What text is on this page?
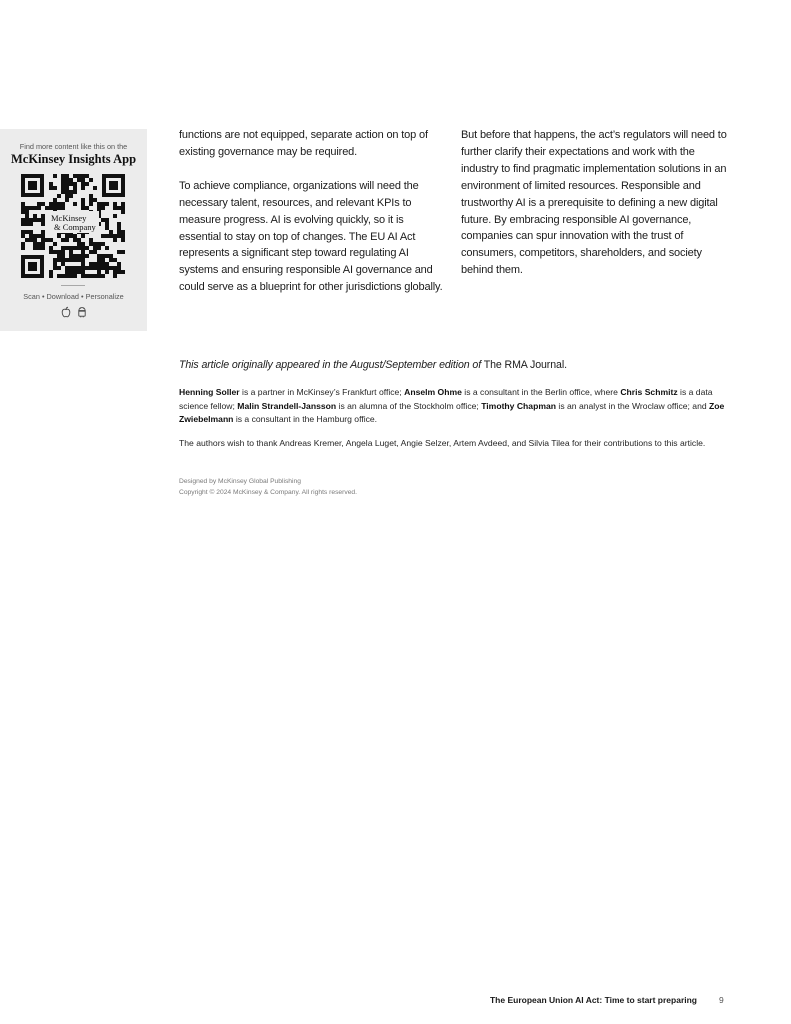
Find more content like this on the
McKinsey Insights App
McKinsey
& Company
Scan • Download • Personalize

functions are not equipped, separate action on top of existing governance may be required.

To achieve compliance, organizations will need the necessary talent, resources, and relevant KPIs to measure progress. AI is evolving quickly, so it is essential to stay on top of changes. The EU AI Act represents a significant step toward regulating AI systems and ensuring responsible AI governance and could serve as a blueprint for other jurisdictions globally.

But before that happens, the act’s regulators will need to further clarify their expectations and work with the industry to find pragmatic implementation solutions in an environment of limited resources. Responsible and trustworthy AI is a prerequisite to defining a new digital future. By embracing responsible AI governance, companies can spur innovation with the trust of consumers, competitors, shareholders, and society behind them.

This article originally appeared in the August/September edition of The RMA Journal.
Henning Soller is a partner in McKinsey’s Frankfurt office; Anselm Ohme is a consultant in the Berlin office, where Chris Schmitz is a data science fellow; Malin Strandell-Jansson is an alumna of the Stockholm office; Timothy Chapman is an analyst in the Wroclaw office; and Zoe Zwiebelmann is a consultant in the Hamburg office.
The authors wish to thank Andreas Kremer, Angela Luget, Angie Selzer, Artem Avdeed, and Silvia Tilea for their contributions to this article.
Designed by McKinsey Global Publishing
Copyright © 2024 McKinsey & Company. All rights reserved.
The European Union AI Act: Time to start preparing	9
